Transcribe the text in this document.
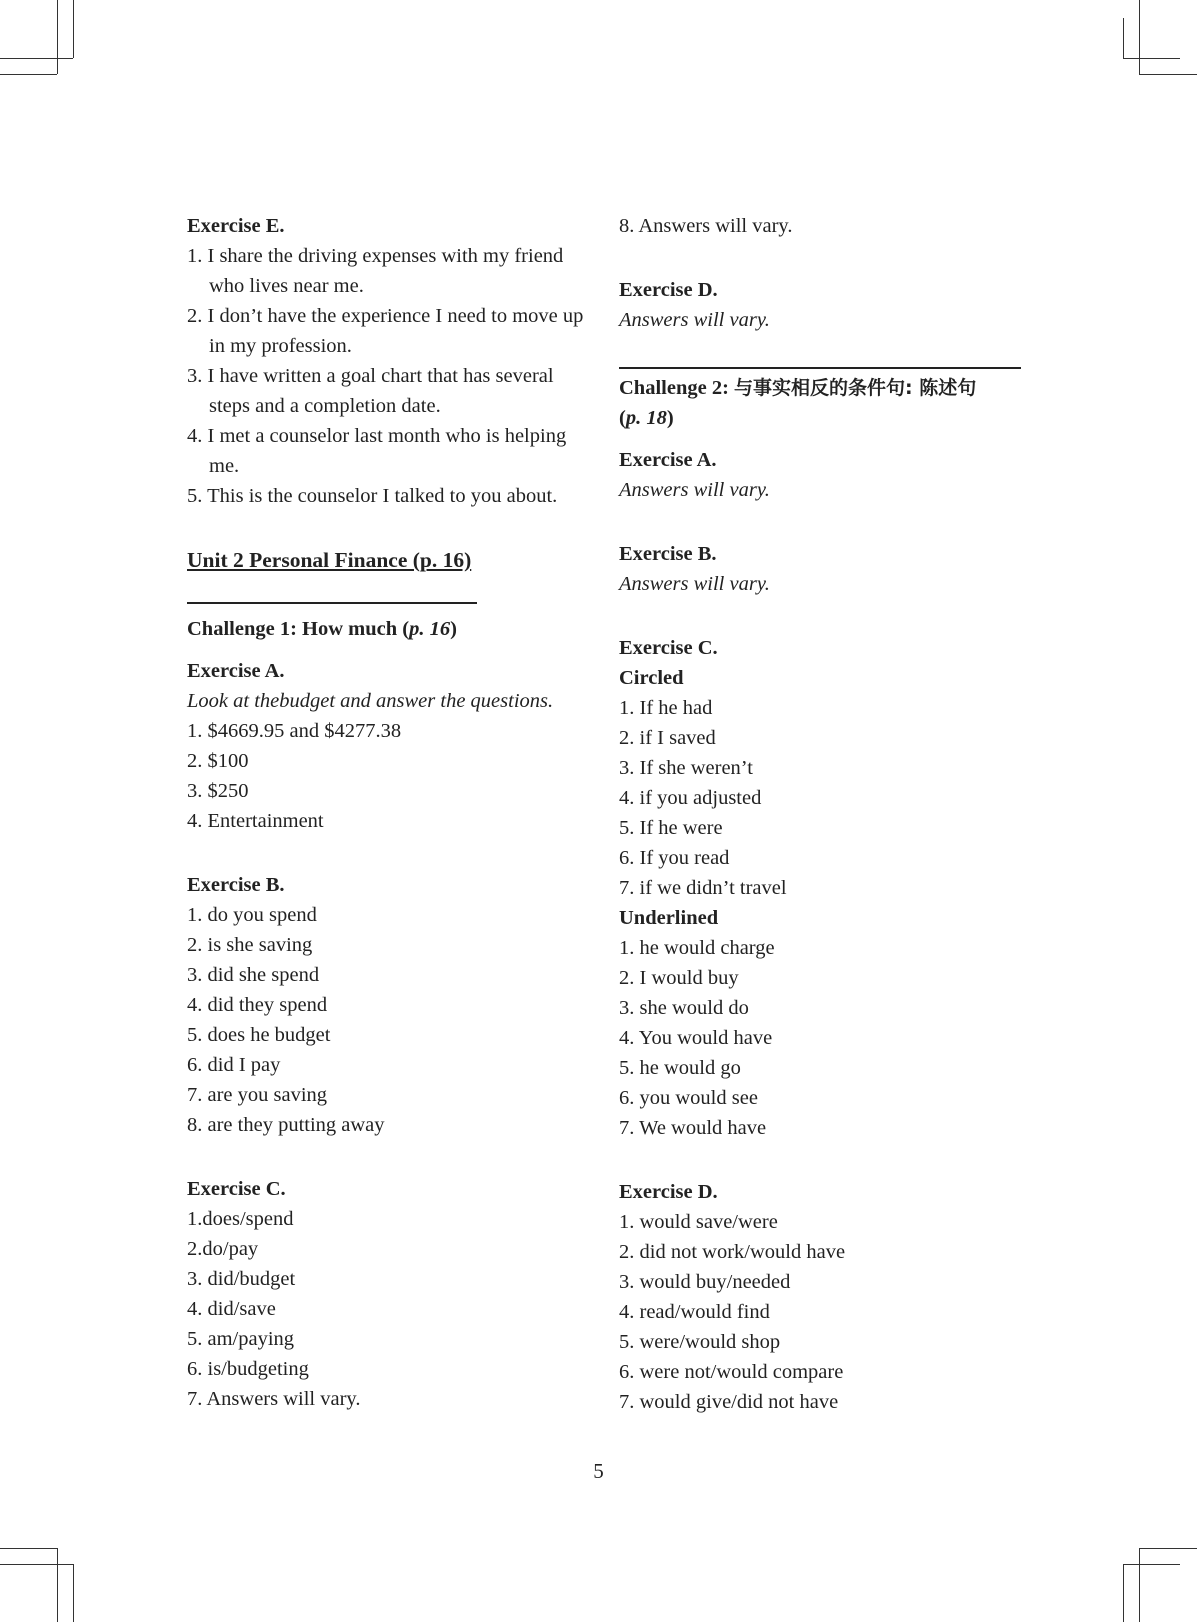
Exercise E.

1. I share the driving expenses with my friend who lives near me.

2. I don’t have the experience I need to move up in my profession.

3. I have written a goal chart that has several steps and a completion date.

4. I met a counselor last month who is helping me.

5. This is the counselor I talked to you about.

Unit 2 Personal Finance (p. 16)

Challenge 1: How much (p. 16)

Exercise A.

Look at thebudget and answer the questions.

1. $4669.95 and $4277.38

2. $100

3. $250

4. Entertainment

Exercise B.

1. do you spend

2. is she saving

3. did she spend

4. did they spend

5. does he budget

6. did I pay

7. are you saving

8. are they putting away

Exercise C.

1.does/spend

2.do/pay

3. did/budget

4. did/save

5. am/paying

6. is/budgeting

7. Answers will vary.

8. Answers will vary.

Exercise D.

Answers will vary.

Challenge 2: 与事实相反的条件句: 陈述句
(p. 18)

Exercise A.

Answers will vary.

Exercise B.

Answers will vary.

Exercise C.

Circled

1. If he had

2. if I saved

3. If she weren’t

4. if you adjusted

5. If he were

6. If you read

7. if we didn’t travel

Underlined

1. he would charge

2. I would buy

3. she would do

4. You would have

5. he would go

6. you would see

7. We would have

Exercise D.

1. would save/were

2. did not work/would have

3. would buy/needed

4. read/would find

5. were/would shop

6. were not/would compare

7. would give/did not have

5
